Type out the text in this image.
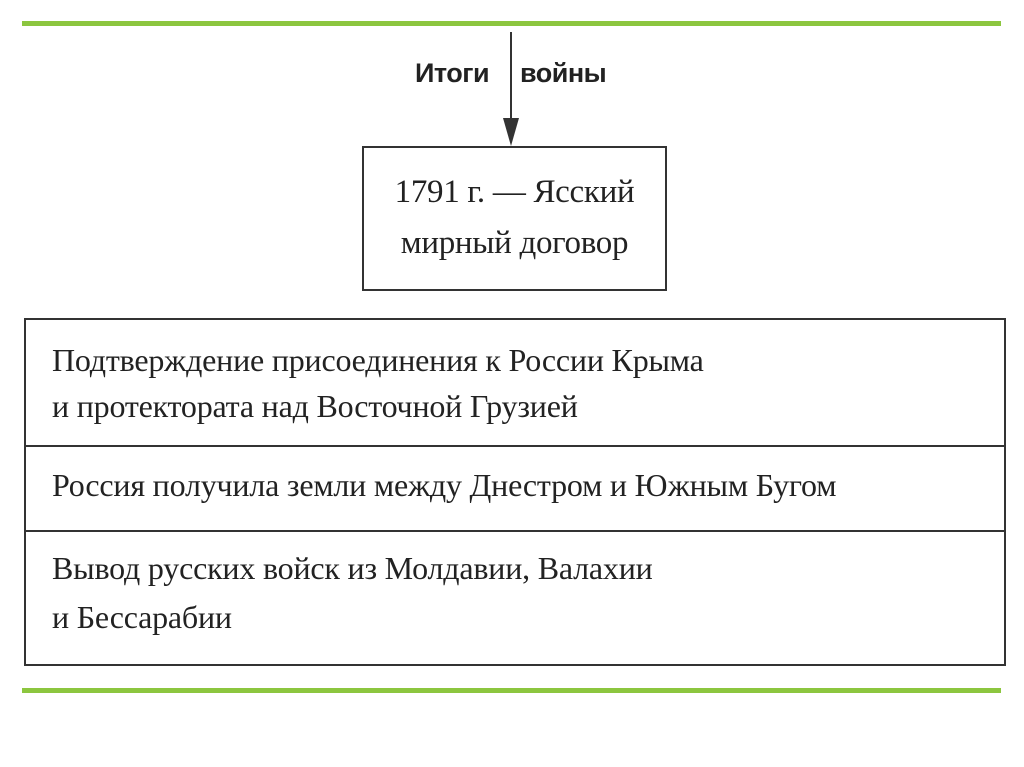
Итоги войны
1791 г. — Ясский
мирный договор
Подтверждение присоединения к России Крыма
и протектората над Восточной Грузией
Россия получила земли между Днестром и Южным Бугом
Вывод русских войск из Молдавии, Валахии
и Бессарабии
